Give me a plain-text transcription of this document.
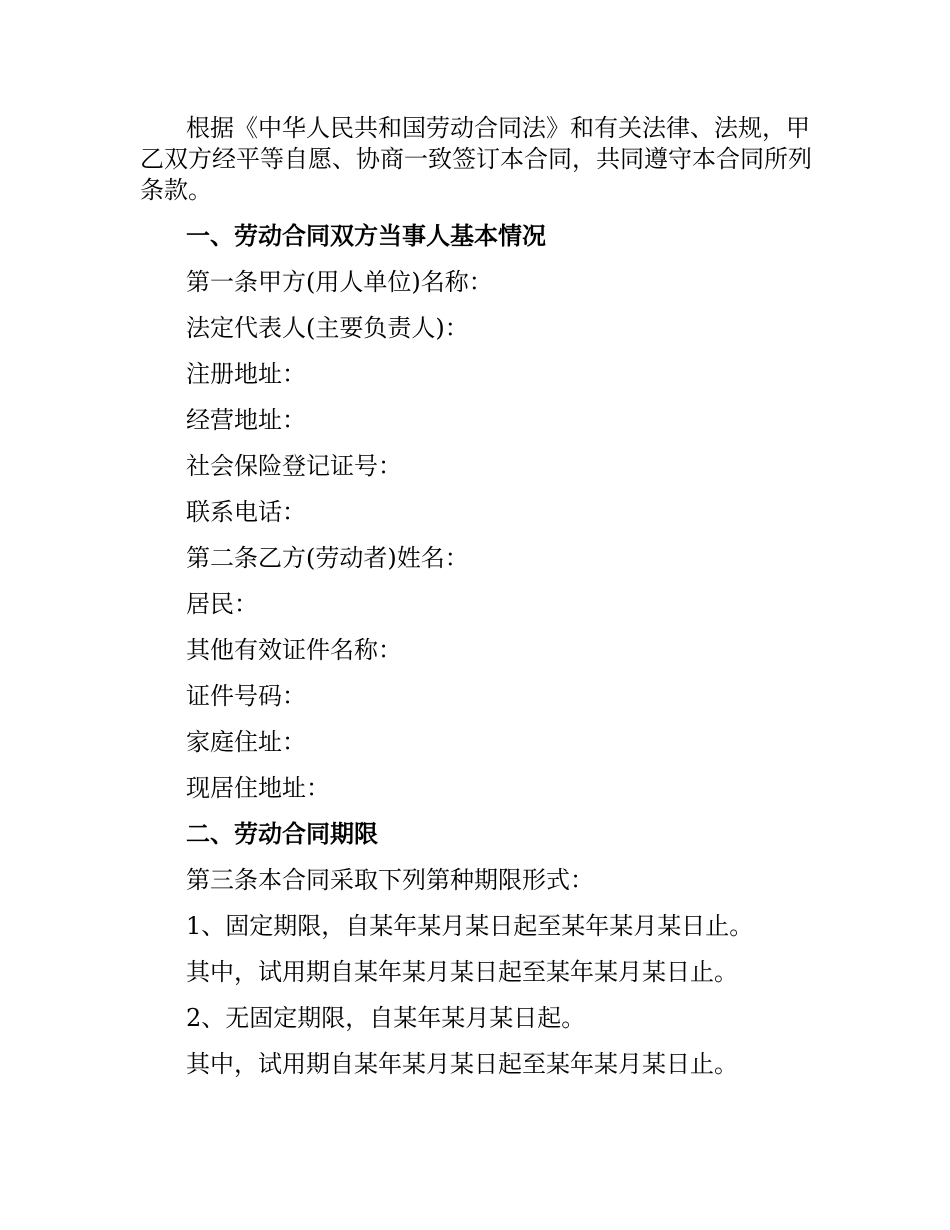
根据《中华人民共和国劳动合同法》和有关法律、法规，甲乙双方经平等自愿、协商一致签订本合同，共同遵守本合同所列条款。

一、劳动合同双方当事人基本情况
第一条甲方(用人单位)名称：
法定代表人(主要负责人)：
注册地址：
经营地址：
社会保险登记证号：
联系电话：
第二条乙方(劳动者)姓名：
居民：
其他有效证件名称：
证件号码：
家庭住址：
现居住地址：
二、劳动合同期限
第三条本合同采取下列第种期限形式：
1、固定期限，自某年某月某日起至某年某月某日止。
其中，试用期自某年某月某日起至某年某月某日止。
2、无固定期限，自某年某月某日起。
其中，试用期自某年某月某日起至某年某月某日止。
